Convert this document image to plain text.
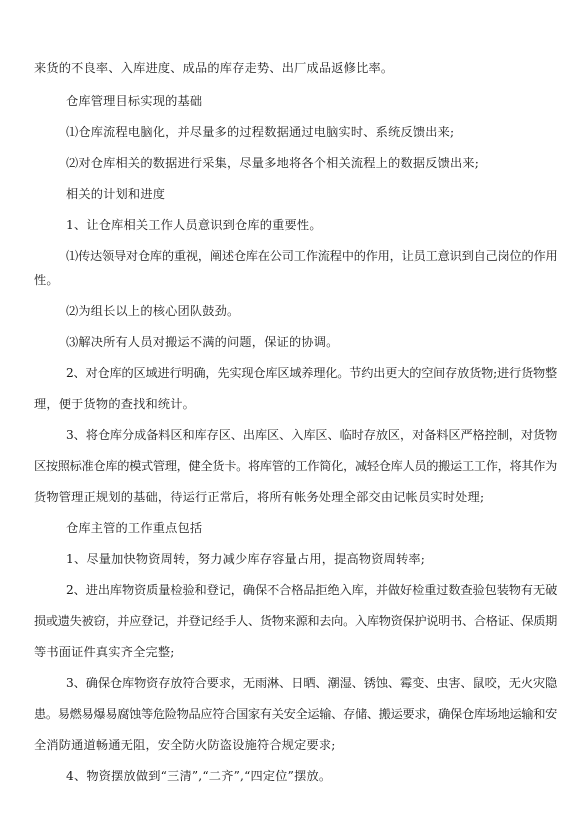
来货的不良率、入库进度、成品的库存走势、出厂成品返修比率。
仓库管理目标实现的基础
⑴仓库流程电脑化，并尽量多的过程数据通过电脑实时、系统反馈出来;
⑵对仓库相关的数据进行采集，尽量多地将各个相关流程上的数据反馈出来;
相关的计划和进度
1、让仓库相关工作人员意识到仓库的重要性。
⑴传达领导对仓库的重视，阐述仓库在公司工作流程中的作用，让员工意识到自己岗位的作用
性。
⑵为组长以上的核心团队鼓劲。
⑶解决所有人员对搬运不满的问题，保证的协调。
2、对仓库的区域进行明确，先实现仓库区域养理化。节约出更大的空间存放货物;进行货物整
理，便于货物的查找和统计。
3、将仓库分成备料区和库存区、出库区、入库区、临时存放区，对备料区严格控制，对货物
区按照标准仓库的模式管理，健全货卡。将库管的工作简化，减轻仓库人员的搬运工工作，将其作为
货物管理正规划的基础，待运行正常后，将所有帐务处理全部交由记帐员实时处理;
仓库主管的工作重点包括
1、尽量加快物资周转，努力减少库存容量占用，提高物资周转率;
2、进出库物资质量检验和登记，确保不合格品拒绝入库，并做好检重过数查验包装物有无破
损或遗失被窃，并应登记，并登记经手人、货物来源和去向。入库物资保护说明书、合格证、保质期
等书面证件真实齐全完整;
3、确保仓库物资存放符合要求，无雨淋、日晒、潮湿、锈蚀、霉变、虫害、鼠咬，无火灾隐
患。易燃易爆易腐蚀等危险物品应符合国家有关安全运输、存储、搬运要求，确保仓库场地运输和安
全消防通道畅通无阻，安全防火防盗设施符合规定要求;
4、物资摆放做到“三清”,“二齐”,“四定位”摆放。
